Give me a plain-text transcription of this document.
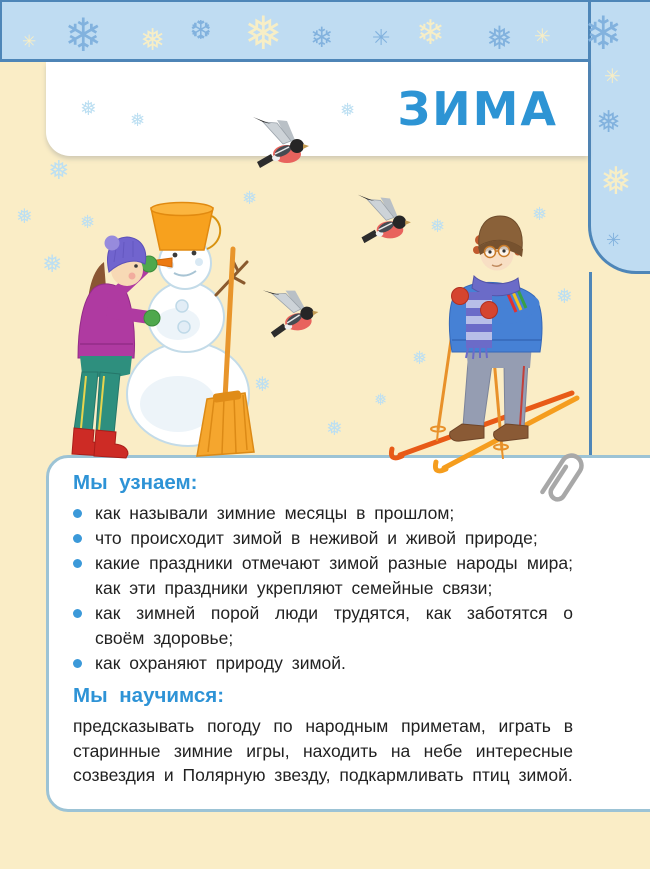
ЗИМА
✳
❄
❅
❆
❅
❄
✳
❄
❅
✳
❄
✳
❅
❅
✳
❅
❅
❅
❅
❅
❅
❅
❅
❅
❅
❅
❅
❅
❅
❅
Мы узнаем:
как называли зимние месяцы в прошлом;
что происходит зимой в неживой и живой природе;
какие праздники отмечают зимой разные народы мира; как эти праздники укрепляют семейные связи;
как зимней порой люди трудятся, как заботятся о своём здоровье;
как охраняют природу зимой.
Мы научимся:

предсказывать погоду по народным приметам, играть в старинные зимние игры, находить на небе интересные созвездия и Полярную звезду, подкармливать птиц зимой.
